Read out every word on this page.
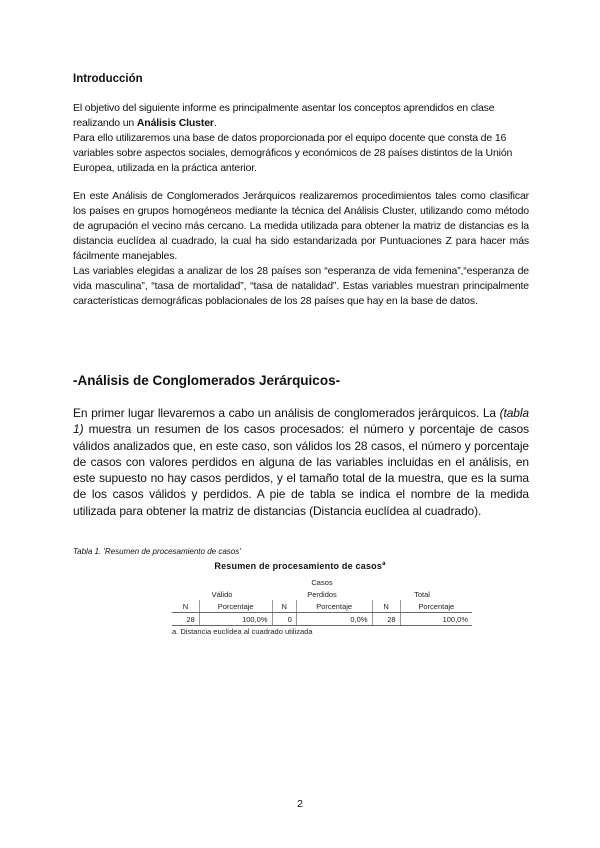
Introducción

El objetivo del siguiente informe es principalmente asentar los conceptos aprendidos en clase realizando un Análisis Cluster.

Para ello utilizaremos una base de datos proporcionada por el equipo docente que consta de 16 variables sobre aspectos sociales, demográficos y económicos de 28 países distintos de la Unión Europea, utilizada en la práctica anterior.

En este Análisis de Conglomerados Jerárquicos realizaremos procedimientos tales como clasificar los países en grupos homogéneos mediante la técnica del Análisis Cluster, utilizando como método de agrupación el vecino más cercano. La medida utilizada para obtener la matriz de distancias es la distancia euclídea al cuadrado, la cual ha sido estandarizada por Puntuaciones Z para hacer más fácilmente manejables.

Las variables elegidas a analizar de los 28 países son “esperanza de vida femenina”,“esperanza de vida masculina”, “tasa de mortalidad”, “tasa de natalidad”. Estas variables muestran principalmente características demográficas poblacionales de los 28 países que hay en la base de datos.

-Análisis de Conglomerados Jerárquicos-

En primer lugar llevaremos a cabo un análisis de conglomerados jerárquicos. La (tabla 1) muestra un resumen de los casos procesados: el número y porcentaje de casos válidos analizados que, en este caso, son válidos los 28 casos, el número y porcentaje de casos con valores perdidos en alguna de las variables incluidas en el análisis, en este supuesto no hay casos perdidos, y el tamaño total de la muestra, que es la suma de los casos válidos y perdidos. A pie de tabla se indica el nombre de la medida utilizada para obtener la matriz de distancias (Distancia euclídea al cuadrado).

Tabla 1. 'Resumen de procesamiento de casos'
Resumen de procesamiento de casos$^a$
Casos					
Válido		Perdidos		Total	
N	Porcentaje	N	Porcentaje	N	Porcentaje
28	100,0%	0	0,0%	28	100,0%
a. Distancia euclídea al cuadrado utilizada
2
